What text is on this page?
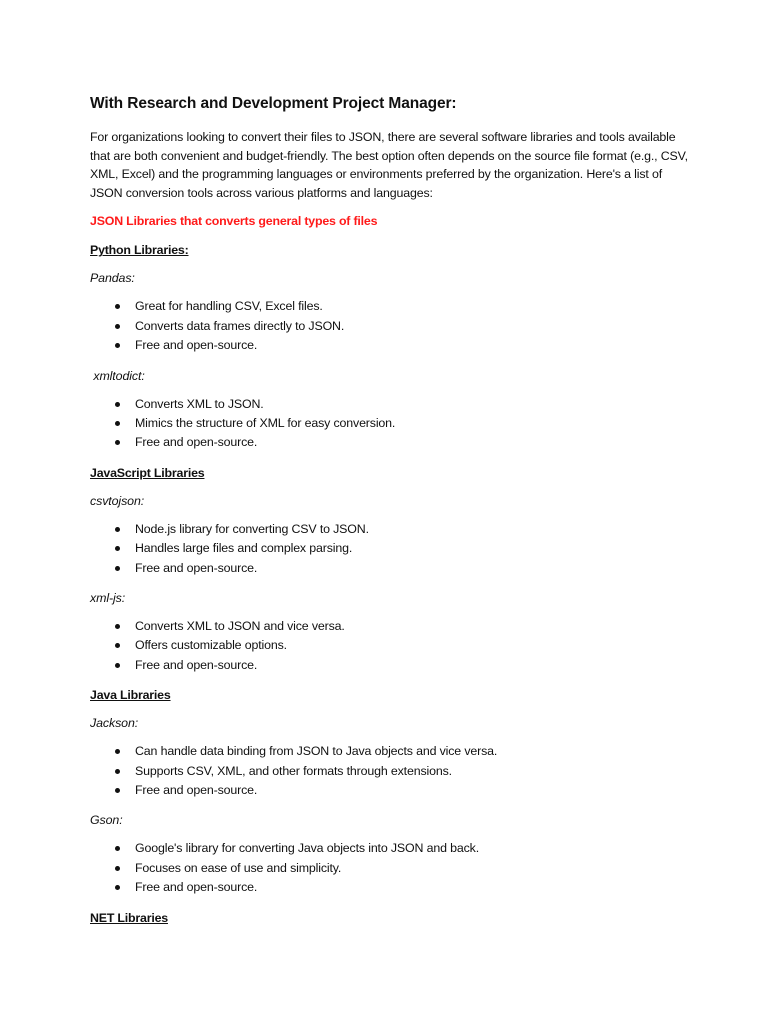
With Research and Development Project Manager:
For organizations looking to convert their files to JSON, there are several software libraries and tools available that are both convenient and budget-friendly. The best option often depends on the source file format (e.g., CSV, XML, Excel) and the programming languages or environments preferred by the organization. Here's a list of JSON conversion tools across various platforms and languages:
JSON Libraries that converts general types of files
Python Libraries:
Pandas:
Great for handling CSV, Excel files.
Converts data frames directly to JSON.
Free and open-source.
xmltodict:
Converts XML to JSON.
Mimics the structure of XML for easy conversion.
Free and open-source.
JavaScript Libraries
csvtojson:
Node.js library for converting CSV to JSON.
Handles large files and complex parsing.
Free and open-source.
xml-js:
Converts XML to JSON and vice versa.
Offers customizable options.
Free and open-source.
Java Libraries
Jackson:
Can handle data binding from JSON to Java objects and vice versa.
Supports CSV, XML, and other formats through extensions.
Free and open-source.
Gson:
Google's library for converting Java objects into JSON and back.
Focuses on ease of use and simplicity.
Free and open-source.
NET Libraries
